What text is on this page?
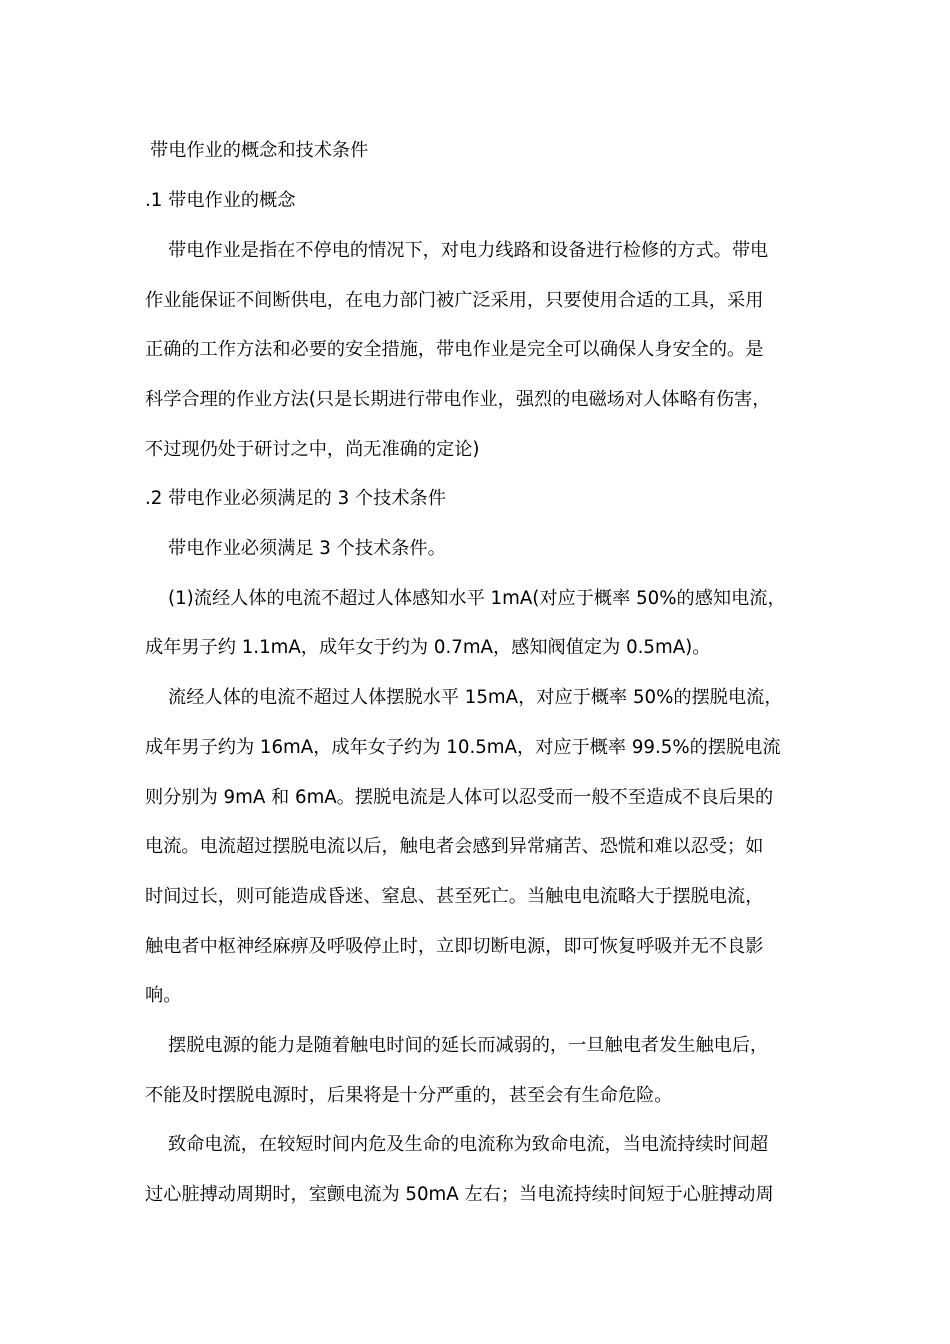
带电作业的概念和技术条件
.1 带电作业的概念
带电作业是指在不停电的情况下，对电力线路和设备进行检修的方式。带电
作业能保证不间断供电，在电力部门被广泛采用，只要使用合适的工具，采用
正确的工作方法和必要的安全措施，带电作业是完全可以确保人身安全的。是
科学合理的作业方法(只是长期进行带电作业，强烈的电磁场对人体略有伤害，
不过现仍处于研讨之中，尚无准确的定论)
.2 带电作业必须满足的 3 个技术条件
带电作业必须满足 3 个技术条件。
(1)流经人体的电流不超过人体感知水平 1mA(对应于概率 50%的感知电流，
成年男子约 1.1mA，成年女于约为 0.7mA，感知阀值定为 0.5mA)。
流经人体的电流不超过人体摆脱水平 15mA，对应于概率 50%的摆脱电流，
成年男子约为 16mA，成年女子约为 10.5mA，对应于概率 99.5%的摆脱电流
则分别为 9mA 和 6mA。摆脱电流是人体可以忍受而一般不至造成不良后果的
电流。电流超过摆脱电流以后，触电者会感到异常痛苦、恐慌和难以忍受；如
时间过长，则可能造成昏迷、窒息、甚至死亡。当触电电流略大于摆脱电流，
触电者中枢神经麻痹及呼吸停止时，立即切断电源，即可恢复呼吸并无不良影
响。
摆脱电源的能力是随着触电时间的延长而减弱的，一旦触电者发生触电后，
不能及时摆脱电源时，后果将是十分严重的，甚至会有生命危险。
致命电流，在较短时间内危及生命的电流称为致命电流，当电流持续时间超
过心脏搏动周期时，室颤电流为 50mA 左右；当电流持续时间短于心脏搏动周
